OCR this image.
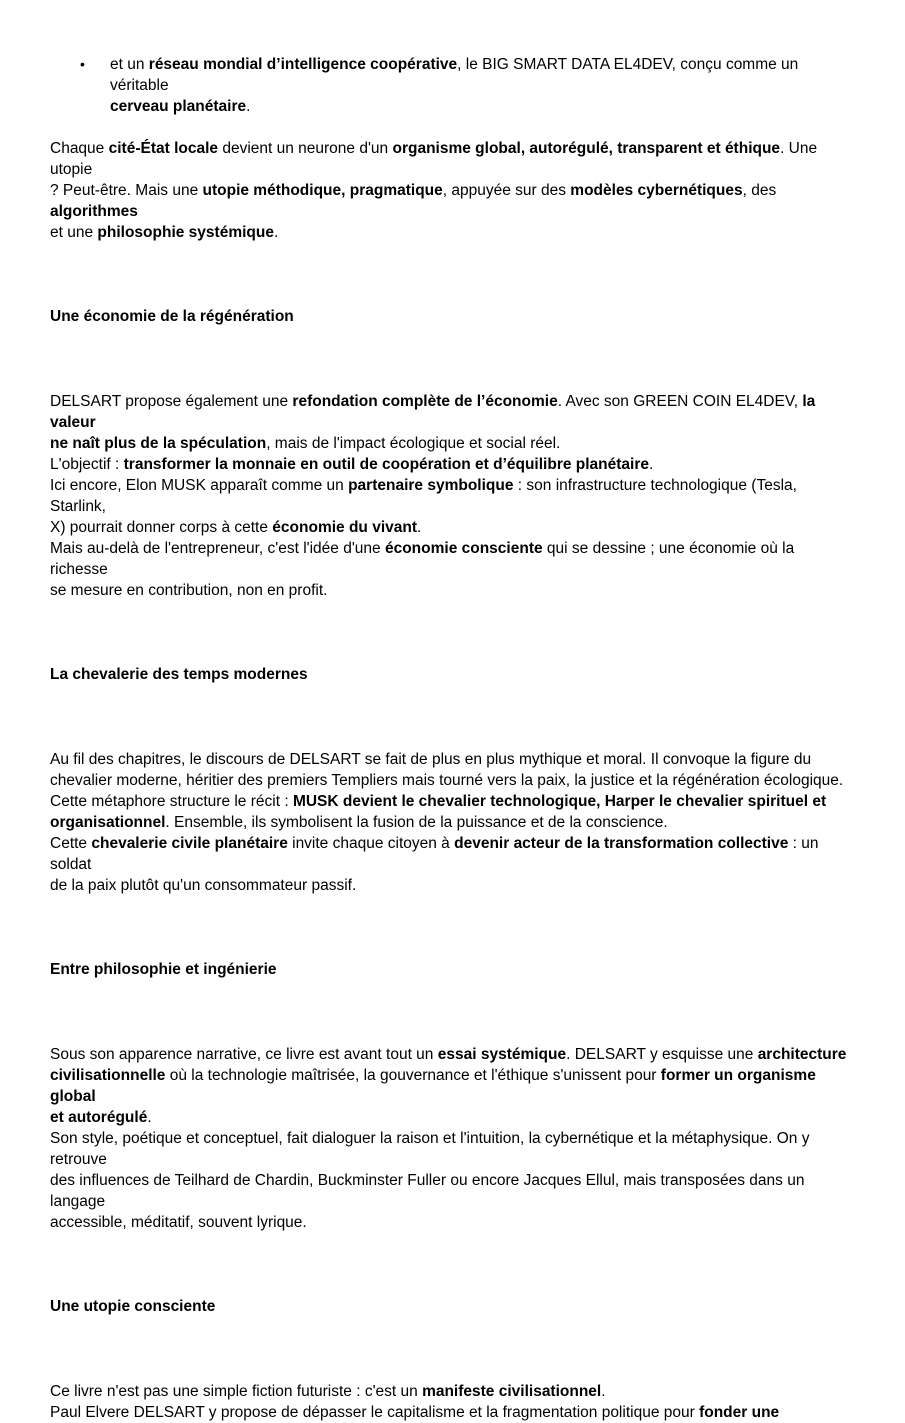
•	et un réseau mondial d’intelligence coopérative, le BIG SMART DATA EL4DEV, conçu comme un véritable
cerveau planétaire.

Chaque cité-État locale devient un neurone d'un organisme global, autorégulé, transparent et éthique. Une utopie
? Peut-être. Mais une utopie méthodique, pragmatique, appuyée sur des modèles cybernétiques, des algorithmes
et une philosophie systémique.

Une économie de la régénération

DELSART propose également une refondation complète de l’économie. Avec son GREEN COIN EL4DEV, la valeur
ne naît plus de la spéculation, mais de l'impact écologique et social réel.
L'objectif : transformer la monnaie en outil de coopération et d’équilibre planétaire.
Ici encore, Elon MUSK apparaît comme un partenaire symbolique : son infrastructure technologique (Tesla, Starlink,
X) pourrait donner corps à cette économie du vivant.
Mais au-delà de l'entrepreneur, c'est l'idée d'une économie consciente qui se dessine ; une économie où la richesse
se mesure en contribution, non en profit.

La chevalerie des temps modernes

Au fil des chapitres, le discours de DELSART se fait de plus en plus mythique et moral. Il convoque la figure du
chevalier moderne, héritier des premiers Templiers mais tourné vers la paix, la justice et la régénération écologique.
Cette métaphore structure le récit : MUSK devient le chevalier technologique, Harper le chevalier spirituel et
organisationnel. Ensemble, ils symbolisent la fusion de la puissance et de la conscience.
Cette chevalerie civile planétaire invite chaque citoyen à devenir acteur de la transformation collective : un soldat
de la paix plutôt qu'un consommateur passif.

Entre philosophie et ingénierie

Sous son apparence narrative, ce livre est avant tout un essai systémique. DELSART y esquisse une architecture
civilisationnelle où la technologie maîtrisée, la gouvernance et l'éthique s'unissent pour former un organisme global
et autorégulé.
Son style, poétique et conceptuel, fait dialoguer la raison et l'intuition, la cybernétique et la métaphysique. On y retrouve
des influences de Teilhard de Chardin, Buckminster Fuller ou encore Jacques Ellul, mais transposées dans un langage
accessible, méditatif, souvent lyrique.

Une utopie consciente

Ce livre n'est pas une simple fiction futuriste : c'est un manifeste civilisationnel.
Paul Elvere DELSART y propose de dépasser le capitalisme et la fragmentation politique pour fonder une
